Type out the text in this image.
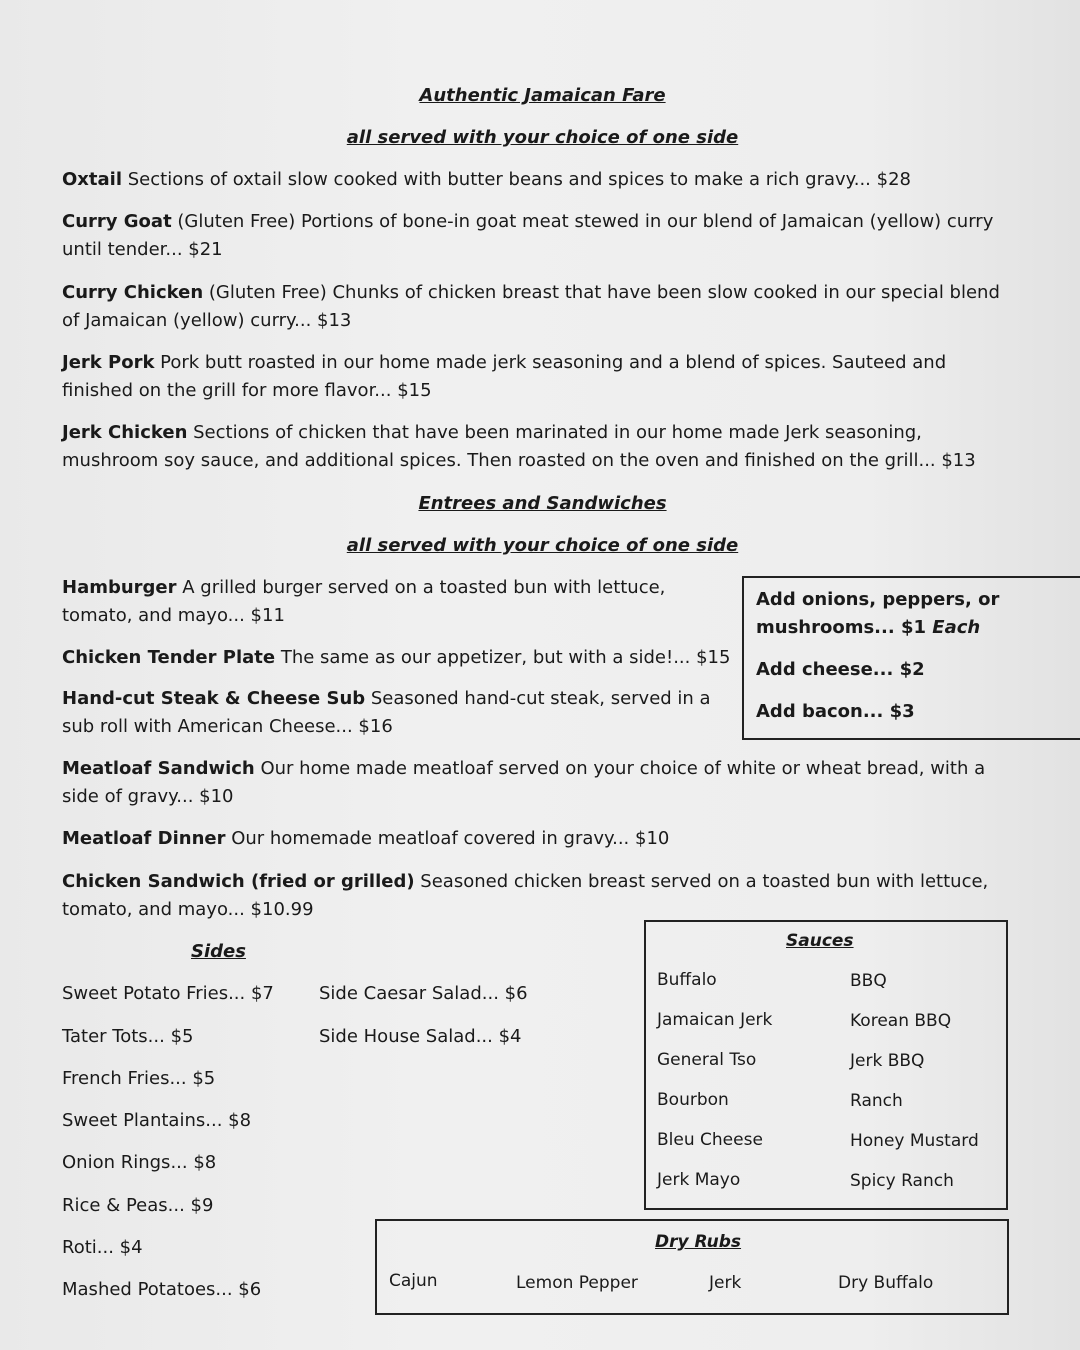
Authentic Jamaican Fare
all served with your choice of one side
Oxtail Sections of oxtail slow cooked with butter beans and spices to make a rich gravy... $28
Curry Goat (Gluten Free) Portions of bone-in goat meat stewed in our blend of Jamaican (yellow) curry until tender... $21
Curry Chicken (Gluten Free) Chunks of chicken breast that have been slow cooked in our special blend of Jamaican (yellow) curry... $13
Jerk Pork Pork butt roasted in our home made jerk seasoning and a blend of spices. Sauteed and finished on the grill for more flavor... $15
Jerk Chicken Sections of chicken that have been marinated in our home made Jerk seasoning, mushroom soy sauce, and additional spices. Then roasted on the oven and finished on the grill... $13
Entrees and Sandwiches
all served with your choice of one side
Hamburger A grilled burger served on a toasted bun with lettuce, tomato, and mayo... $11
Chicken Tender Plate The same as our appetizer, but with a side!... $15
Hand-cut Steak & Cheese Sub Seasoned hand-cut steak, served in a sub roll with American Cheese... $16
Add onions, peppers, or
mushrooms... $1 Each
Add cheese... $2
Add bacon... $3
Meatloaf Sandwich Our home made meatloaf served on your choice of white or wheat bread, with a side of gravy... $10
Meatloaf Dinner Our homemade meatloaf covered in gravy... $10
Chicken Sandwich (fried or grilled) Seasoned chicken breast served on a toasted bun with lettuce, tomato, and mayo... $10.99
Sides
Sweet Potato Fries... $7
Tater Tots... $5
French Fries... $5
Sweet Plantains... $8
Onion Rings... $8
Rice & Peas... $9
Roti... $4
Mashed Potatoes... $6
Side Caesar Salad... $6
Side House Salad... $4
Sauces
Buffalo
Jamaican Jerk
General Tso
Bourbon
Bleu Cheese
Jerk Mayo
BBQ
Korean BBQ
Jerk BBQ
Ranch
Honey Mustard
Spicy Ranch
Dry Rubs
Cajun	Lemon Pepper	Jerk	Dry Buffalo
